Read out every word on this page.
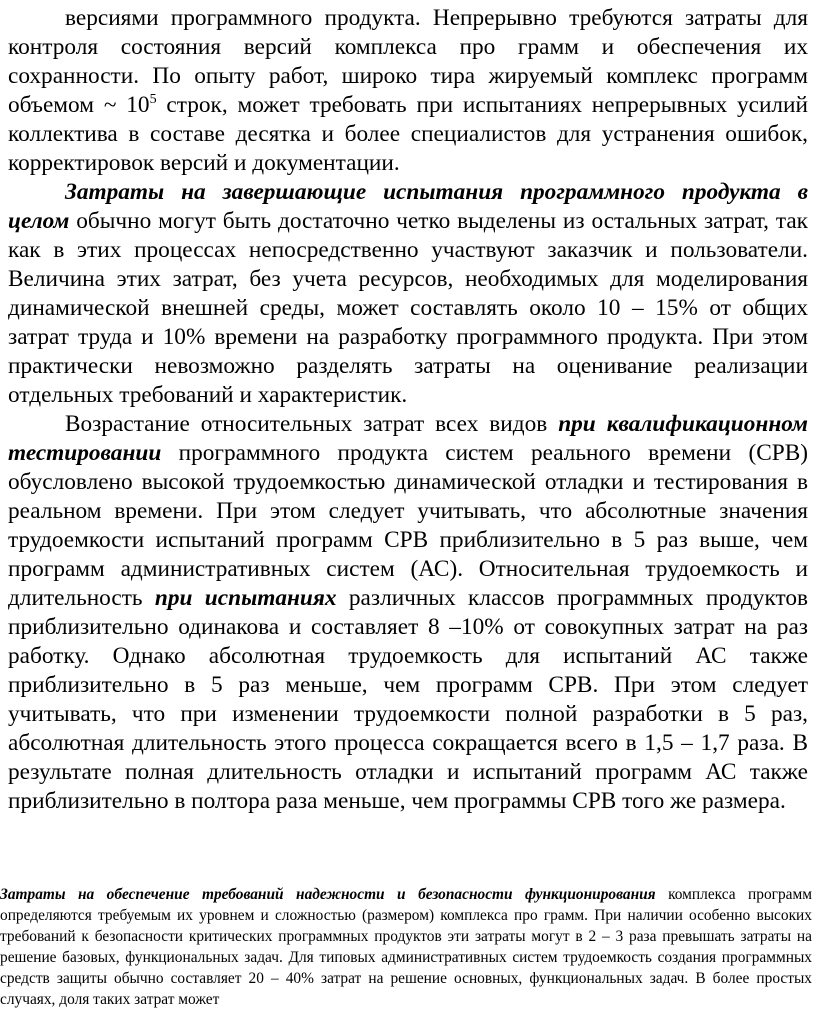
версиями программного продукта. Непрерывно требуются затраты для контроля состояния версий комплекса про грамм и обеспечения их сохранности. По опыту работ, широко тира жируемый комплекс программ объемом ~ $10^5$ строк, может требовать при испытаниях непрерывных усилий коллектива в составе десятка и более специалистов для устранения ошибок, корректировок версий и документации.

Затраты на завершающие испытания программного продукта в целом обычно могут быть достаточно четко выделены из остальных затрат, так как в этих процессах непосредственно участвуют заказчик и пользователи. Величина этих затрат, без учета ресурсов, необходимых для моделирования динамической внешней среды, может составлять около 10 – 15% от общих затрат труда и 10% времени на разработку программного продукта. При этом практически невозможно разделять затраты на оценивание реализации отдельных требований и характеристик.

Возрастание относительных затрат всех видов при квалификационном тестировании программного продукта систем реального времени (СРВ) обусловлено высокой трудоемкостью динамической отладки и тестирования в реальном времени. При этом следует учитывать, что абсолютные значения трудоемкости испытаний программ СРВ приблизительно в 5 раз выше, чем программ административных систем (АС). Относительная трудоемкость и длительность при испытаниях различных классов программных продуктов приблизительно одинакова и составляет 8 –10% от совокупных затрат на раз работку. Однако абсолютная трудоемкость для испытаний АС также приблизительно в 5 раз меньше, чем программ СРВ. При этом следует учитывать, что при изменении трудоемкости полной разработки в 5 раз, абсолютная длительность этого процесса сокращается всего в 1,5 – 1,7 раза. В результате полная длительность отладки и испытаний программ АС также приблизительно в полтора раза меньше, чем программы СРВ того же размера.

Затраты на обеспечение требований надежности и безопасности функционирования комплекса программ определяются требуемым их уровнем и сложностью (размером) комплекса про грамм. При наличии особенно высоких требований к безопасности критических программных продуктов эти затраты могут в 2 – 3 раза превышать затраты на решение базовых, функциональных задач. Для типовых административных систем трудоемкость создания программных средств защиты обычно составляет 20 – 40% затрат на решение основных, функциональных задач. В более простых случаях, доля таких затрат может
